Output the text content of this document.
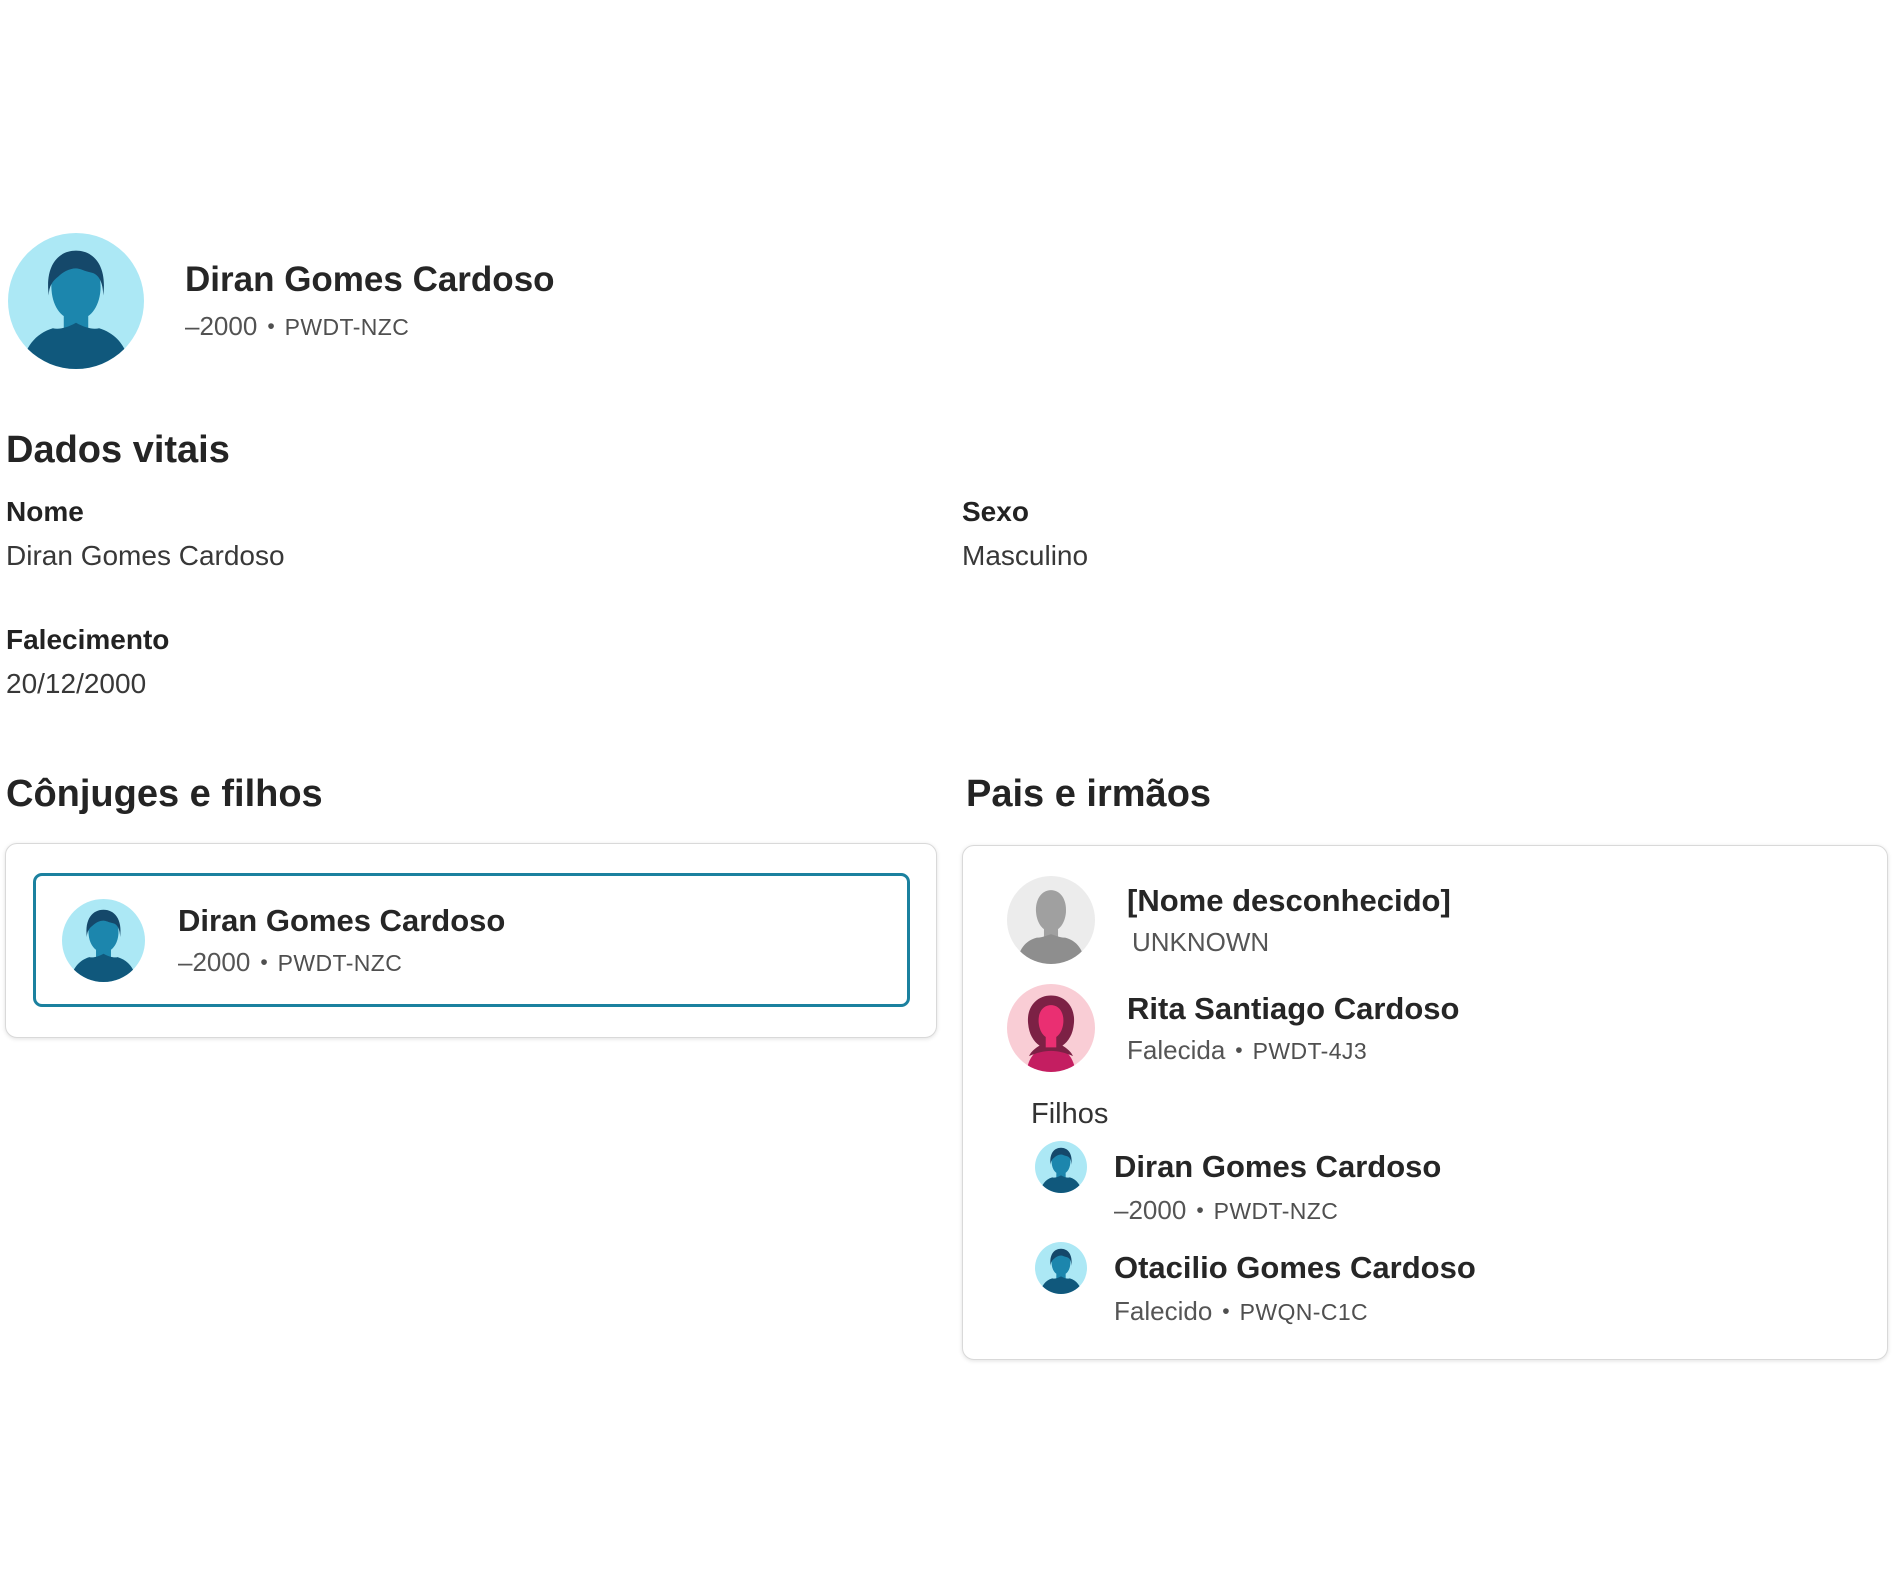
Diran Gomes Cardoso
–2000 • PWDT-NZC
Dados vitais
Nome
Diran Gomes Cardoso
Sexo
Masculino
Falecimento
20/12/2000
Cônjuges e filhos
Diran Gomes Cardoso
–2000 • PWDT-NZC
Pais e irmãos
[Nome desconhecido]
UNKNOWN
Rita Santiago Cardoso
Falecida • PWDT-4J3
Filhos
Diran Gomes Cardoso
–2000 • PWDT-NZC
Otacilio Gomes Cardoso
Falecido • PWQN-C1C
